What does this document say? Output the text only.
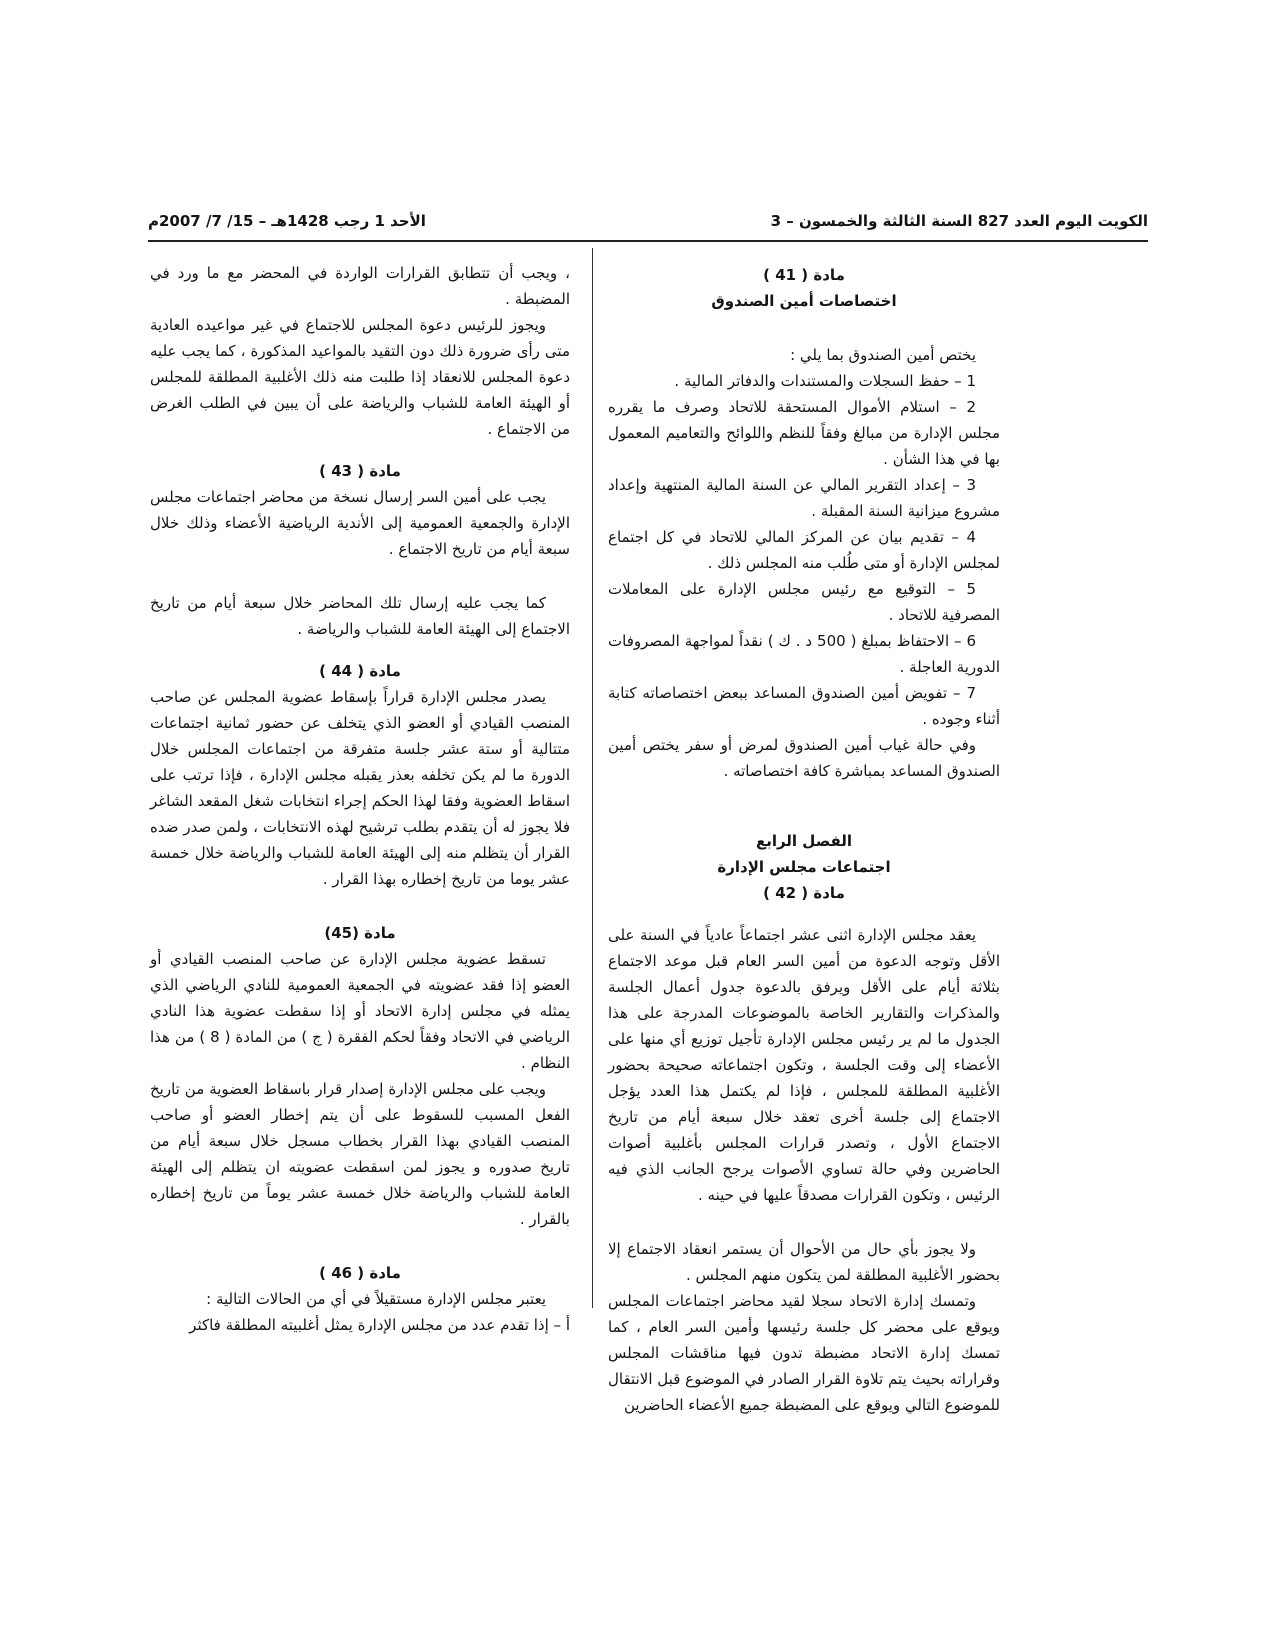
الكويت اليوم العدد 827 السنة الثالثة والخمسون – 3
الأحد 1 رجب 1428هـ – 15/ 7/ 2007م

مادة ( 41 )

اختصاصات أمين الصندوق

يختص أمين الصندوق بما يلي :

1 – حفظ السجلات والمستندات والدفاتر المالية .

2 – استلام الأموال المستحقة للاتحاد وصرف ما يقرره مجلس الإدارة من مبالغ وفقاً للنظم واللوائح والتعاميم المعمول بها في هذا الشأن .

3 – إعداد التقرير المالي عن السنة المالية المنتهية وإعداد مشروع ميزانية السنة المقبلة .

4 – تقديم بيان عن المركز المالي للاتحاد في كل اجتماع لمجلس الإدارة أو متى طُلب منه المجلس ذلك .

5 – التوقيع مع رئيس مجلس الإدارة على المعاملات المصرفية للاتحاد .

6 – الاحتفاظ بمبلغ ( 500 د . ك ) نقداً لمواجهة المصروفات الدورية العاجلة .

7 – تفويض أمين الصندوق المساعد ببعض اختصاصاته كتابة أثناء وجوده .

وفي حالة غياب أمين الصندوق لمرض أو سفر يختص أمين الصندوق المساعد بمباشرة كافة اختصاصاته .

الفصل الرابع

اجتماعات مجلس الإدارة

مادة ( 42 )

يعقد مجلس الإدارة اثنى عشر اجتماعاً عادياً في السنة على الأقل وتوجه الدعوة من أمين السر العام قبل موعد الاجتماع بثلاثة أيام على الأقل ويرفق بالدعوة جدول أعمال الجلسة والمذكرات والتقارير الخاصة بالموضوعات المدرجة على هذا الجدول ما لم ير رئيس مجلس الإدارة تأجيل توزيع أي منها على الأعضاء إلى وقت الجلسة ، وتكون اجتماعاته صحيحة بحضور الأغلبية المطلقة للمجلس ، فإذا لم يكتمل هذا العدد يؤجل الاجتماع إلى جلسة أخرى تعقد خلال سبعة أيام من تاريخ الاجتماع الأول ، وتصدر قرارات المجلس بأغلبية أصوات الحاضرين وفي حالة تساوي الأصوات يرجح الجانب الذي فيه الرئيس ، وتكون القرارات مصدقاً عليها في حينه .

ولا يجوز بأي حال من الأحوال أن يستمر انعقاد الاجتماع إلا بحضور الأغلبية المطلقة لمن يتكون منهم المجلس .

وتمسك إدارة الاتحاد سجلا لقيد محاضر اجتماعات المجلس ويوقع على محضر كل جلسة رئيسها وأمين السر العام ، كما تمسك إدارة الاتحاد مضبطة تدون فيها مناقشات المجلس وقراراته بحيث يتم تلاوة القرار الصادر في الموضوع قبل الانتقال للموضوع التالي ويوقع على المضبطة جميع الأعضاء الحاضرين

، ويجب أن تتطابق القرارات الواردة في المحضر مع ما ورد في المضبطة .

ويجوز للرئيس دعوة المجلس للاجتماع في غير مواعيده العادية متى رأى ضرورة ذلك دون التقيد بالمواعيد المذكورة ، كما يجب عليه دعوة المجلس للانعقاد إذا طلبت منه ذلك الأغلبية المطلقة للمجلس أو الهيئة العامة للشباب والرياضة على أن يبين في الطلب الغرض من الاجتماع .

مادة ( 43 )

يجب على أمين السر إرسال نسخة من محاضر اجتماعات مجلس الإدارة والجمعية العمومية إلى الأندية الرياضية الأعضاء وذلك خلال سبعة أيام من تاريخ الاجتماع .

كما يجب عليه إرسال تلك المحاضر خلال سبعة أيام من تاريخ الاجتماع إلى الهيئة العامة للشباب والرياضة .

مادة ( 44 )

يصدر مجلس الإدارة قراراً بإسقاط عضوية المجلس عن صاحب المنصب القيادي أو العضو الذي يتخلف عن حضور ثمانية اجتماعات متتالية أو ستة عشر جلسة متفرقة من اجتماعات المجلس خلال الدورة ما لم يكن تخلفه بعذر يقبله مجلس الإدارة ، فإذا ترتب على اسقاط العضوية وفقا لهذا الحكم إجراء انتخابات شغل المقعد الشاغر فلا يجوز له أن يتقدم بطلب ترشيح لهذه الانتخابات ، ولمن صدر ضده القرار أن يتظلم منه إلى الهيئة العامة للشباب والرياضة خلال خمسة عشر يوما من تاريخ إخطاره بهذا القرار .

مادة (45)

تسقط عضوية مجلس الإدارة عن صاحب المنصب القيادي أو العضو إذا فقد عضويته في الجمعية العمومية للنادي الرياضي الذي يمثله في مجلس إدارة الاتحاد أو إذا سقطت عضوية هذا النادي الرياضي في الاتحاد وفقاً لحكم الفقرة ( ج ) من المادة ( 8 ) من هذا النظام .

ويجب على مجلس الإدارة إصدار قرار باسقاط العضوية من تاريخ الفعل المسبب للسقوط على أن يتم إخطار العضو أو صاحب المنصب القيادي بهذا القرار بخطاب مسجل خلال سبعة أيام من تاريخ صدوره و يجوز لمن اسقطت عضويته ان يتظلم إلى الهيئة العامة للشباب والرياضة خلال خمسة عشر يوماً من تاريخ إخطاره بالقرار .

مادة ( 46 )

يعتبر مجلس الإدارة مستقيلاً في أي من الحالات التالية :

أ – إذا تقدم عدد من مجلس الإدارة يمثل أغلبيته المطلقة فاكثر
